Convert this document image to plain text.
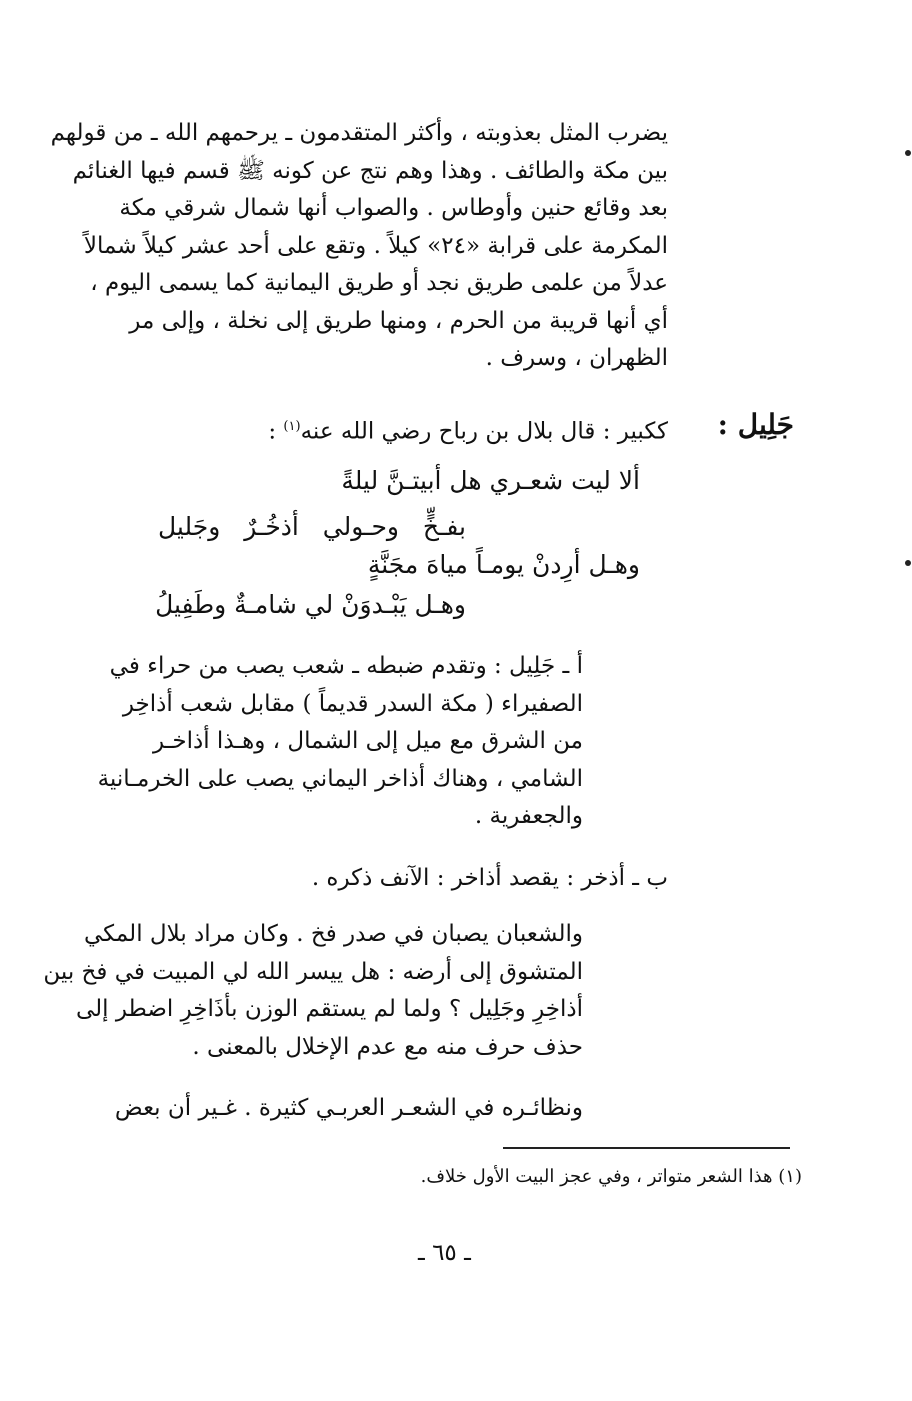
يضرب المثل بعذوبته ، وأكثر المتقدمون ـ يرحمهم الله ـ من قولهم
بين مكة والطائف . وهذا وهم نتج عن كونه ﷺ قسم فيها الغنائم
بعد وقائع حنين وأوطاس . والصواب أنها شمال شرقي مكة
المكرمة على قرابة «٢٤» كيلاً . وتقع على أحد عشر كيلاً شمالاً
عدلاً من علمى طريق نجد أو طريق اليمانية كما يسمى اليوم ،
أي أنها قريبة من الحرم ، ومنها طريق إلى نخلة ، وإلى مر
الظهران ، وسرف .
جَلِيل :
ككبير : قال بلال بن رباح رضي الله عنه$^{(١)}$ :
ألا ليت شعـري هل أبيتـنَّ ليلةً
بفـخٍّ وحـولي أذخُـرٌ وجَليل
وهـل أرِدنْ يومـاً مياهَ مجَنَّةٍ
وهـل يَبْـدوَنْ لي شامـةٌ وطَفِيلُ
أ ـ جَلِيل : وتقدم ضبطه ـ شعب يصب من حراء في
الصفيراء ( مكة السدر قديماً ) مقابل شعب أذاخِر
من الشرق مع ميل إلى الشمال ، وهـذا أذاخـر
الشامي ، وهناك أذاخر اليماني يصب على الخرمـانية
والجعفرية .
ب ـ أذخر : يقصد أذاخر : الآنف ذكره .
والشعبان يصبان في صدر فخ . وكان مراد بلال المكي
المتشوق إلى أرضه : هل ييسر الله لي المبيت في فخ بين
أذاخِرِ وجَلِيل ؟ ولما لم يستقم الوزن بأذَاخِرِ اضطر إلى
حذف حرف منه مع عدم الإخلال بالمعنى .
ونظائـره في الشعـر العربـي كثيرة . غـير أن بعض
(١) هذا الشعر متواتر ، وفي عجز البيت الأول خلاف.
ـ ٦٥ ـ
